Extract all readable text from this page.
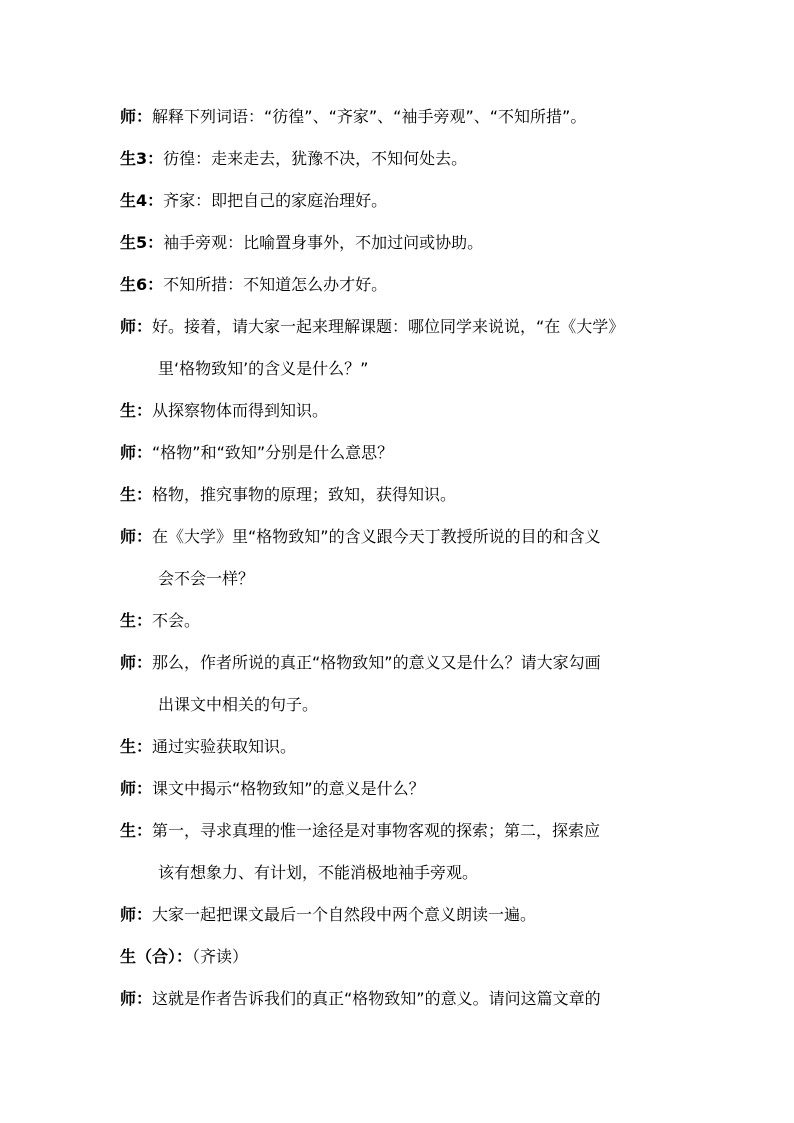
师：解释下列词语：“彷徨”、“齐家”、“袖手旁观”、“不知所措”。
生3：彷徨：走来走去，犹豫不决，不知何处去。
生4：齐家：即把自己的家庭治理好。
生5：袖手旁观：比喻置身事外，不加过问或协助。
生6：不知所措：不知道怎么办才好。
师：好。接着，请大家一起来理解课题：哪位同学来说说，“在《大学》
里‘格物致知’的含义是什么？”
生：从探察物体而得到知识。
师：“格物”和“致知”分别是什么意思？
生：格物，推究事物的原理；致知，获得知识。
师：在《大学》里“格物致知”的含义跟今天丁教授所说的目的和含义
会不会一样？
生：不会。
师：那么，作者所说的真正“格物致知”的意义又是什么？请大家勾画
出课文中相关的句子。
生：通过实验获取知识。
师：课文中揭示“格物致知”的意义是什么？
生：第一，寻求真理的惟一途径是对事物客观的探索；第二，探索应
该有想象力、有计划，不能消极地袖手旁观。
师：大家一起把课文最后一个自然段中两个意义朗读一遍。
生（合）：（齐读）
师：这就是作者告诉我们的真正“格物致知”的意义。请问这篇文章的
